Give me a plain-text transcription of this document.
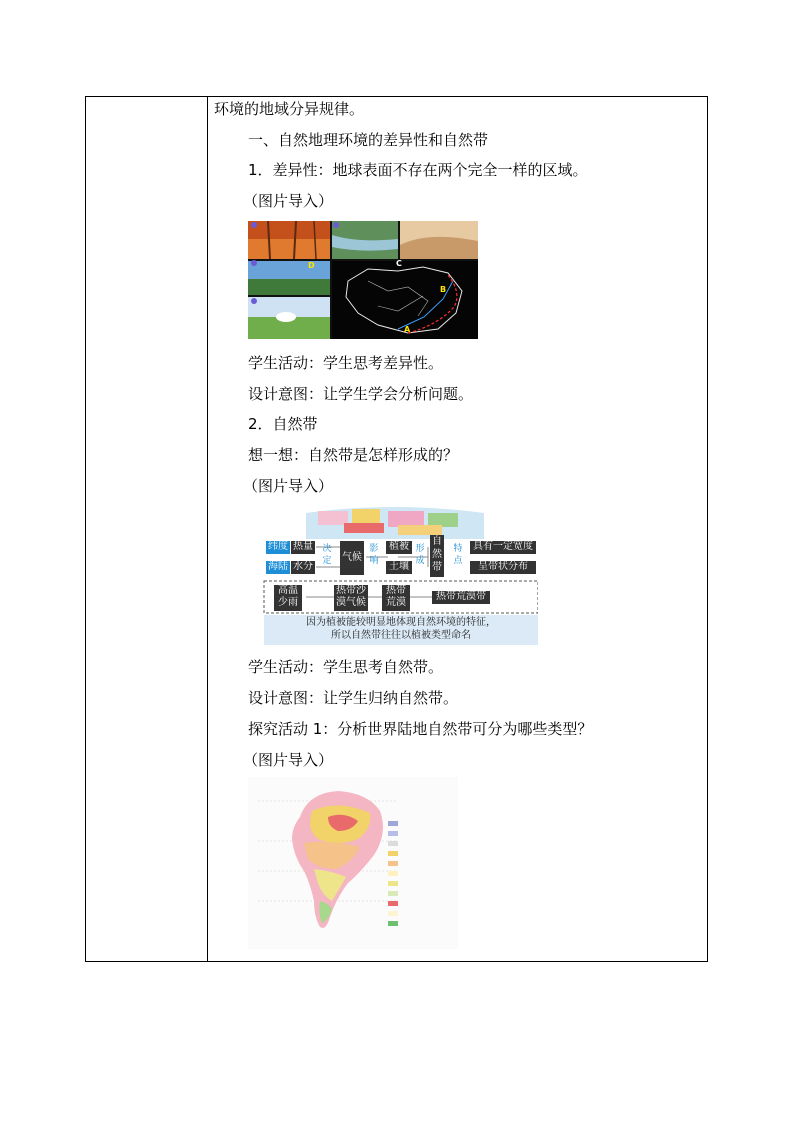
环境的地域分异规律。
一、自然地理环境的差异性和自然带
1．差异性：地球表面不存在两个完全一样的区域。
（图片导入）
C
B
A
D
学生活动：学生思考差异性。
设计意图：让学生学会分析问题。
2．自然带
想一想：自然带是怎样形成的？
（图片导入）
纬度 热量
海陆 水分
决定 气候
影响
植被
土壤
形成
自然带
特点
具有一定宽度
呈带状分布
高温少雨
热带沙漠气候
热带荒漠
热带荒漠带
因为植被能较明显地体现自然环境的特征，
所以自然带往往以植被类型命名
学生活动：学生思考自然带。
设计意图：让学生归纳自然带。
探究活动 1：分析世界陆地自然带可分为哪些类型？
（图片导入）
